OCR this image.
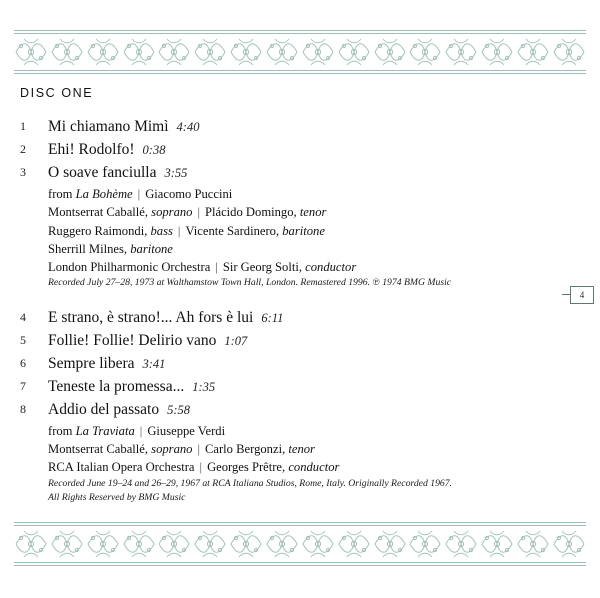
DISC ONE
1	Mi chiamano Mimì 4:40
2	Ehi! Rodolfo! 0:38
3	O soave fanciulla 3:55
from La Bohème | Giacomo Puccini
Montserrat Caballé, soprano | Plácido Domingo, tenor
Ruggero Raimondi, bass | Vicente Sardinero, baritone
Sherrill Milnes, baritone
London Philharmonic Orchestra | Sir Georg Solti, conductor
Recorded July 27–28, 1973 at Walthamstow Town Hall, London. Remastered 1996. ℗ 1974 BMG Music
4	E strano, è strano!... Ah fors è lui 6:11
5	Follie! Follie! Delirio vano 1:07
6	Sempre libera 3:41
7	Teneste la promessa... 1:35
8	Addio del passato 5:58
from La Traviata | Giuseppe Verdi
Montserrat Caballé, soprano | Carlo Bergonzi, tenor
RCA Italian Opera Orchestra | Georges Prêtre, conductor
Recorded June 19–24 and 26–29, 1967 at RCA Italiana Studios, Rome, Italy. Originally Recorded 1967.
All Rights Reserved by BMG Music
4
